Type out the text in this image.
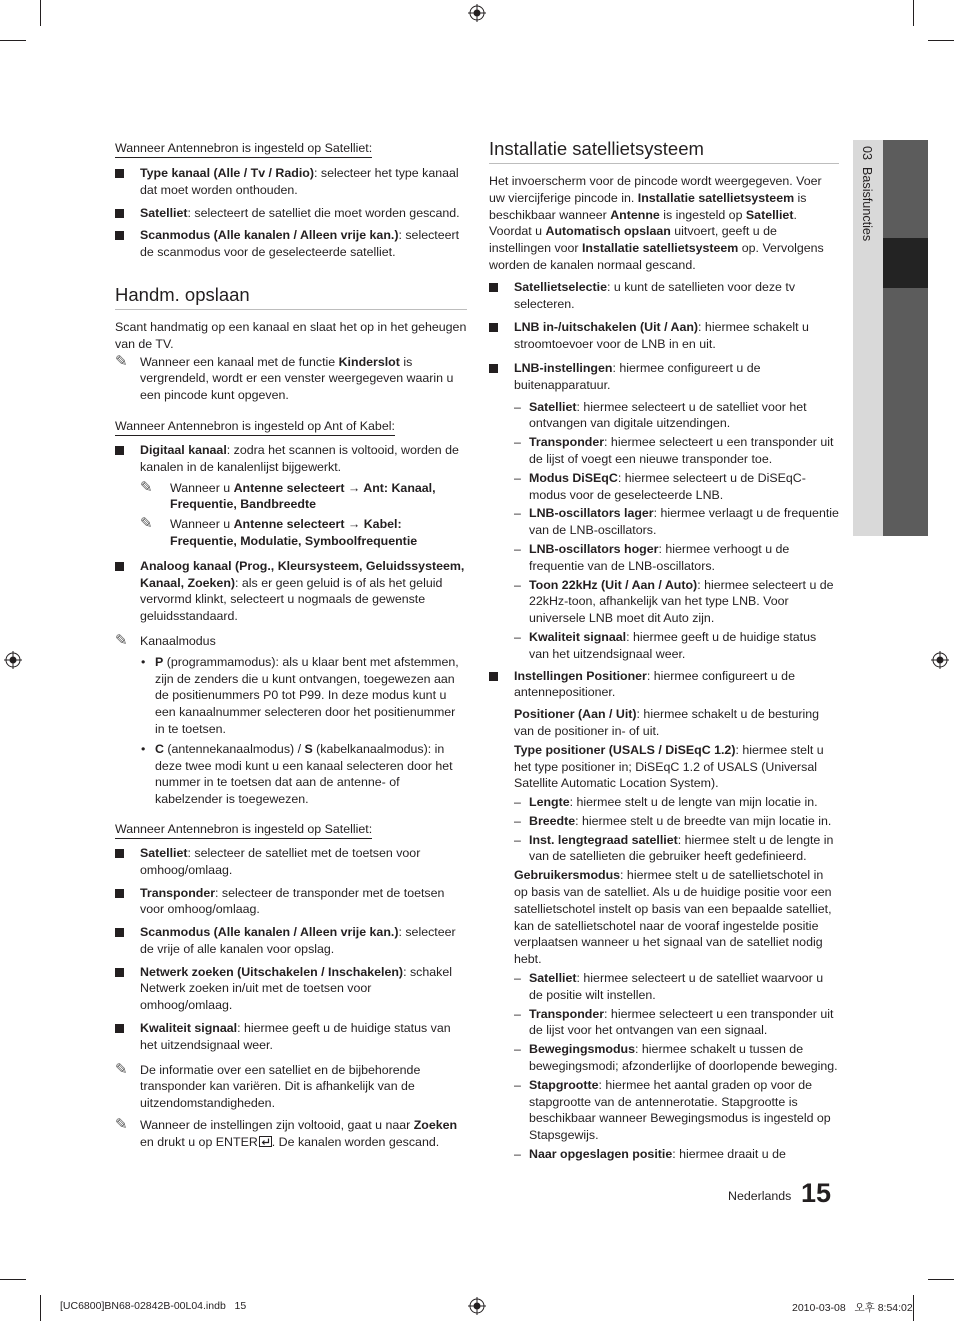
03  Basisfuncties
Wanneer Antennebron is ingesteld op Satelliet:
Type kanaal (Alle / Tv / Radio): selecteer het type kanaal dat moet worden onthouden.
Satelliet: selecteert de satelliet die moet worden gescand.
Scanmodus (Alle kanalen / Alleen vrije kan.): selecteert de scanmodus voor de geselecteerde satelliet.
Handm. opslaan
Scant handmatig op een kanaal en slaat het op in het geheugen van de TV.
✎ Wanneer een kanaal met de functie Kinderslot is vergrendeld, wordt er een venster weergegeven waarin u een pincode kunt opgeven.
Wanneer Antennebron is ingesteld op Ant of Kabel:
Digitaal kanaal: zodra het scannen is voltooid, worden de kanalen in de kanalenlijst bijgewerkt.
✎ Wanneer u Antenne selecteert → Ant: Kanaal, Frequentie, Bandbreedte
✎ Wanneer u Antenne selecteert → Kabel: Frequentie, Modulatie, Symboolfrequentie
Analoog kanaal (Prog., Kleursysteem, Geluidssysteem, Kanaal, Zoeken): als er geen geluid is of als het geluid vervormd klinkt, selecteert u nogmaals de gewenste geluidsstandaard.
✎ Kanaalmodus
• P (programmamodus): als u klaar bent met afstemmen, zijn de zenders die u kunt ontvangen, toegewezen aan de positienummers P0 tot P99. In deze modus kunt u een kanaalnummer selecteren door het positienummer in te toetsen.
• C (antennekanaalmodus) / S (kabelkanaalmodus): in deze twee modi kunt u een kanaal selecteren door het nummer in te toetsen dat aan de antenne- of kabelzender is toegewezen.
Wanneer Antennebron is ingesteld op Satelliet:
Satelliet: selecteer de satelliet met de toetsen voor omhoog/omlaag.
Transponder: selecteer de transponder met de toetsen voor omhoog/omlaag.
Scanmodus (Alle kanalen / Alleen vrije kan.): selecteer de vrije of alle kanalen voor opslag.
Netwerk zoeken (Uitschakelen / Inschakelen): schakel Netwerk zoeken in/uit met de toetsen voor omhoog/omlaag.
Kwaliteit signaal: hiermee geeft u de huidige status van het uitzendsignaal weer.
✎ De informatie over een satelliet en de bijbehorende transponder kan variëren. Dit is afhankelijk van de uitzendomstandigheden.
✎ Wanneer de instellingen zijn voltooid, gaat u naar Zoeken en drukt u op ENTER . De kanalen worden gescand.
Installatie satellietsysteem
Het invoerscherm voor de pincode wordt weergegeven. Voer uw viercijferige pincode in. Installatie satellietsysteem is beschikbaar wanneer Antenne is ingesteld op Satelliet. Voordat u Automatisch opslaan uitvoert, geeft u de instellingen voor Installatie satellietsysteem op. Vervolgens worden de kanalen normaal gescand.
Satellietselectie: u kunt de satellieten voor deze tv selecteren.
LNB in-/uitschakelen (Uit / Aan): hiermee schakelt u stroomtoevoer voor de LNB in en uit.
LNB-instellingen: hiermee configureert u de buitenapparatuur.
– Satelliet: hiermee selecteert u de satelliet voor het ontvangen van digitale uitzendingen.
– Transponder: hiermee selecteert u een transponder uit de lijst of voegt een nieuwe transponder toe.
– Modus DiSEqC: hiermee selecteert u de DiSEqC-modus voor de geselecteerde LNB.
– LNB-oscillators lager: hiermee verlaagt u de frequentie van de LNB-oscillators.
– LNB-oscillators hoger: hiermee verhoogt u de frequentie van de LNB-oscillators.
– Toon 22kHz (Uit / Aan / Auto): hiermee selecteert u de 22kHz-toon, afhankelijk van het type LNB. Voor universele LNB moet dit Auto zijn.
– Kwaliteit signaal: hiermee geeft u de huidige status van het uitzendsignaal weer.
Instellingen Positioner: hiermee configureert u de antennepositioner.
Positioner (Aan / Uit): hiermee schakelt u de besturing van de positioner in- of uit.
Type positioner (USALS / DiSEqC 1.2): hiermee stelt u het type positioner in; DiSEqC 1.2 of USALS (Universal Satellite Automatic Location System).
– Lengte: hiermee stelt u de lengte van mijn locatie in.
– Breedte: hiermee stelt u de breedte van mijn locatie in.
– Inst. lengtegraad satelliet: hiermee stelt u de lengte in van de satellieten die gebruiker heeft gedefinieerd.
Gebruikersmodus: hiermee stelt u de satellietschotel in op basis van de satelliet. Als u de huidige positie voor een satellietschotel instelt op basis van een bepaalde satelliet, kan de satellietschotel naar de vooraf ingestelde positie verplaatsen wanneer u het signaal van de satelliet nodig hebt.
– Satelliet: hiermee selecteert u de satelliet waarvoor u de positie wilt instellen.
– Transponder: hiermee selecteert u een transponder uit de lijst voor het ontvangen van een signaal.
– Bewegingsmodus: hiermee schakelt u tussen de bewegingsmodi; afzonderlijke of doorlopende beweging.
– Stapgrootte: hiermee het aantal graden op voor de stapgrootte van de antennerotatie. Stapgrootte is beschikbaar wanneer Bewegingsmodus is ingesteld op Stapsgewijs.
– Naar opgeslagen positie: hiermee draait u de
Nederlands 15
[UC6800]BN68-02842B-00L04.indb   15	2010-03-08 오후 8:54:02
